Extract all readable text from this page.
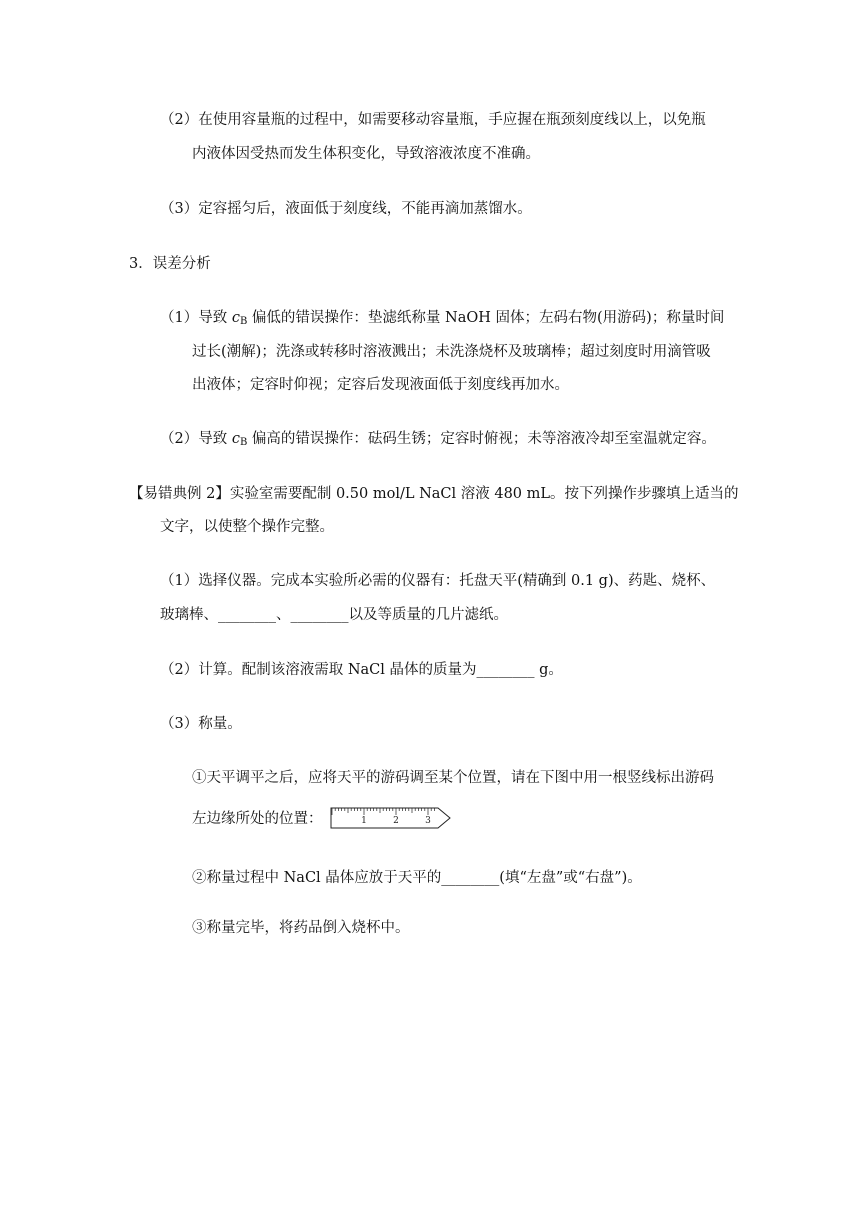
（2）在使用容量瓶的过程中，如需要移动容量瓶，手应握在瓶颈刻度线以上，以免瓶
内液体因受热而发生体积变化，导致溶液浓度不准确。
（3）定容摇匀后，液面低于刻度线，不能再滴加蒸馏水。
3．误差分析
（1）导致 $c_B$ 偏低的错误操作：垫滤纸称量 NaOH 固体；左码右物(用游码)；称量时间
过长(潮解)；洗涤或转移时溶液溅出；未洗涤烧杯及玻璃棒；超过刻度时用滴管吸
出液体；定容时仰视；定容后发现液面低于刻度线再加水。
（2）导致 $c_B$ 偏高的错误操作：砝码生锈；定容时俯视；未等溶液冷却至室温就定容。
【易错典例 2】实验室需要配制 0.50 mol/L NaCl 溶液 480 mL。按下列操作步骤填上适当的
文字，以使整个操作完整。
（1）选择仪器。完成本实验所必需的仪器有：托盘天平(精确到 0.1 g)、药匙、烧杯、
玻璃棒、________、________以及等质量的几片滤纸。
（2）计算。配制该溶液需取 NaCl 晶体的质量为________ g。
（3）称量。
①天平调平之后，应将天平的游码调至某个位置，请在下图中用一根竖线标出游码
左边缘所处的位置：	1	2	3
②称量过程中 NaCl 晶体应放于天平的________(填“左盘”或“右盘”)。
③称量完毕，将药品倒入烧杯中。
